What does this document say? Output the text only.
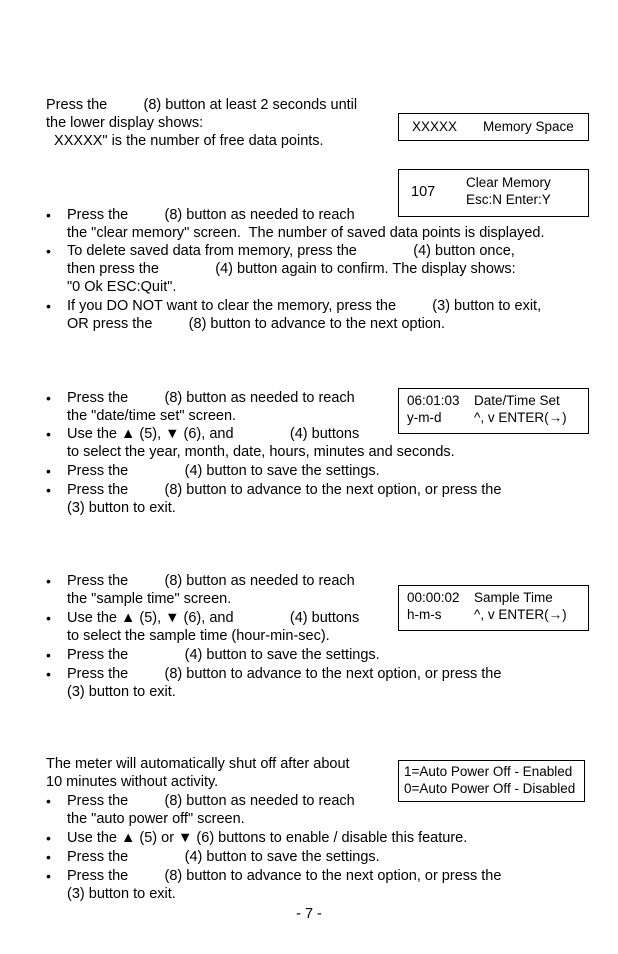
Press the         (8) button at least 2 seconds until
the lower display shows:
XXXXX" is the number of free data points.
XXXXX Memory Space
107
Clear Memory
Esc:N Enter:Y
• Press the         (8) button as needed to reach
the "clear memory" screen.  The number of saved data points is displayed.
• To delete saved data from memory, press the              (4) button once,
then press the              (4) button again to confirm. The display shows:
"0 Ok ESC:Quit".
• If you DO NOT want to clear the memory, press the         (3) button to exit,
OR press the         (8) button to advance to the next option.
06:01:03 Date/Time Set
y-m-d ^, v ENTER(→)
• Press the         (8) button as needed to reach
the "date/time set" screen.
• Use the ▲ (5), ▼ (6), and              (4) buttons
to select the year, month, date, hours, minutes and seconds.
• Press the              (4) button to save the settings.
• Press the         (8) button to advance to the next option, or press the
(3) button to exit.
00:00:02 Sample Time
h-m-s ^, v ENTER(→)
• Press the         (8) button as needed to reach
the "sample time" screen.
• Use the ▲ (5), ▼ (6), and              (4) buttons
to select the sample time (hour-min-sec).
• Press the              (4) button to save the settings.
• Press the         (8) button to advance to the next option, or press the
(3) button to exit.
The meter will automatically shut off after about
10 minutes without activity.
1=Auto Power Off - Enabled
0=Auto Power Off - Disabled
• Press the         (8) button as needed to reach
the "auto power off" screen.
• Use the ▲ (5) or ▼ (6) buttons to enable / disable this feature.
• Press the              (4) button to save the settings.
• Press the         (8) button to advance to the next option, or press the
(3) button to exit.
- 7 -
